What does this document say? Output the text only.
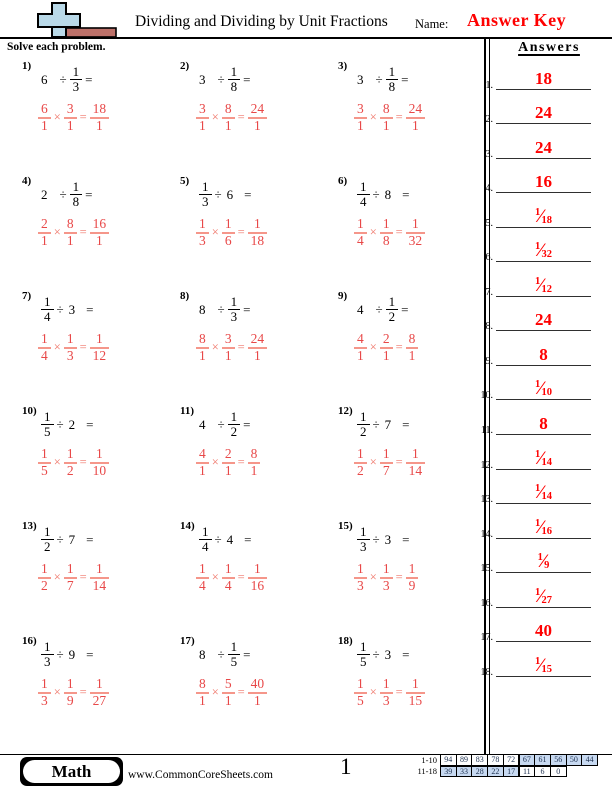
Dividing and Dividing by Unit Fractions Name: Answer Key
Solve each problem.	Answers
1. 18
2. 24
3. 24
4. 16
5.
$^1⁄_{18}$
6.
$^1⁄_{32}$
7.
$^1⁄_{12}$
8. 24
9.	8
10.
$^1⁄_{10}$
11.	8
12.
$^1⁄_{14}$
13.
$^1⁄_{14}$
14.
$^1⁄_{16}$
15.
$^1⁄_9$
16.
$^1⁄_{27}$
17. 40
18.
$^1⁄_{15}$
1)
$6 \div \frac{1}{3}$ =
$\frac{6}{1} \times \frac{3}{1} = \frac{18}{1}$
2)
$3 \div \frac{1}{8}$ =
$\frac{3}{1} \times \frac{8}{1} = \frac{24}{1}$
3)
$3 \div \frac{1}{8}$ =
$\frac{3}{1} \times \frac{8}{1} = \frac{24}{1}$
4)
$2 \div \frac{1}{8}$ =
$\frac{2}{1} \times \frac{8}{1} = \frac{16}{1}$
$5) \frac{1}{3} \div 6$ =
$\frac{1}{3} \times \frac{1}{6} = \frac{1}{18}$
$6) \frac{1}{4} \div 8$ =
$\frac{1}{4} \times \frac{1}{8} = \frac{1}{32}$
$7) \frac{1}{4} \div 3$ =
$\frac{1}{4} \times \frac{1}{3} = \frac{1}{12}$
8)
$8 \div \frac{1}{3}$ =
$\frac{8}{1} \times \frac{3}{1} = \frac{24}{1}$
9)
$4 \div \frac{1}{2}$ =
$\frac{4}{1} \times \frac{2}{1} = \frac{8}{1}$
$10) \frac{1}{5} \div 2$ =
$\frac{1}{5} \times \frac{1}{2} = \frac{1}{10}$
11)
$4 \div \frac{1}{2}$ =
$\frac{4}{1} \times \frac{2}{1} = \frac{8}{1}$
$12) \frac{1}{2} \div 7$ =
$\frac{1}{2} \times \frac{1}{7} = \frac{1}{14}$
$13) \frac{1}{2} \div 7$ =
$\frac{1}{2} \times \frac{1}{7} = \frac{1}{14}$
$14) \frac{1}{4} \div 4$ =
$\frac{1}{4} \times \frac{1}{4} = \frac{1}{16}$
$15) \frac{1}{3} \div 3$ =
$\frac{1}{3} \times \frac{1}{3} = \frac{1}{9}$
$16) \frac{1}{3} \div 9$ =
$\frac{1}{3} \times \frac{1}{9} = \frac{1}{27}$
17)
$8 \div \frac{1}{5}$ =
$\frac{8}{1} \times \frac{5}{1} = \frac{40}{1}$
$18) \frac{1}{5} \div 3$ =
$\frac{1}{5} \times \frac{1}{3} = \frac{1}{15}$
Math	www.CommonCoreSheets.com	1	1-10 94 89 83 78 72 67 61 56 50 44
11-18 39 33 28 22 17 11	6	0
